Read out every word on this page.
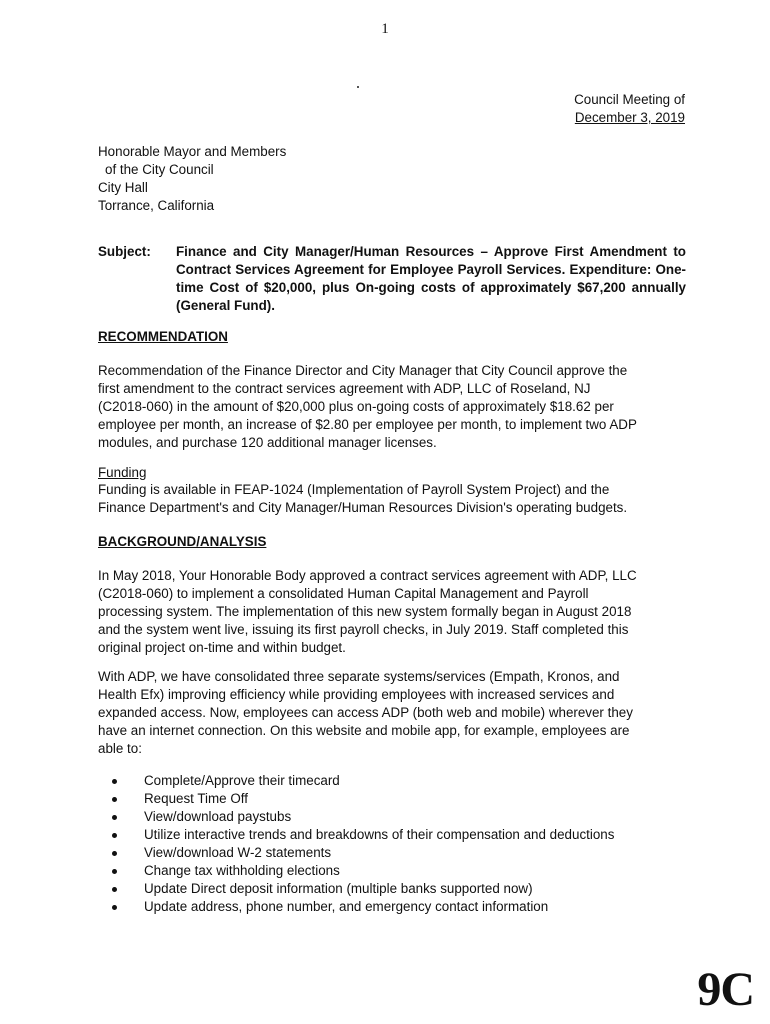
1
Council Meeting of
December 3, 2019
Honorable Mayor and Members
of the City Council
City Hall
Torrance, California
Subject: Finance and City Manager/Human Resources – Approve First Amendment to Contract Services Agreement for Employee Payroll Services. Expenditure: One-time Cost of $20,000, plus On-going costs of approximately $67,200 annually (General Fund).
RECOMMENDATION
Recommendation of the Finance Director and City Manager that City Council approve the
first amendment to the contract services agreement with ADP, LLC of Roseland, NJ
(C2018-060) in the amount of $20,000 plus on-going costs of approximately $18.62 per
employee per month, an increase of $2.80 per employee per month, to implement two ADP
modules, and purchase 120 additional manager licenses.
Funding
Funding is available in FEAP-1024 (Implementation of Payroll System Project) and the
Finance Department's and City Manager/Human Resources Division's operating budgets.
BACKGROUND/ANALYSIS
In May 2018, Your Honorable Body approved a contract services agreement with ADP, LLC
(C2018-060) to implement a consolidated Human Capital Management and Payroll
processing system. The implementation of this new system formally began in August 2018
and the system went live, issuing its first payroll checks, in July 2019. Staff completed this
original project on-time and within budget.
With ADP, we have consolidated three separate systems/services (Empath, Kronos, and
Health Efx) improving efficiency while providing employees with increased services and
expanded access. Now, employees can access ADP (both web and mobile) wherever they
have an internet connection. On this website and mobile app, for example, employees are
able to:
Complete/Approve their timecard
Request Time Off
View/download paystubs
Utilize interactive trends and breakdowns of their compensation and deductions
View/download W-2 statements
Change tax withholding elections
Update Direct deposit information (multiple banks supported now)
Update address, phone number, and emergency contact information
9C
